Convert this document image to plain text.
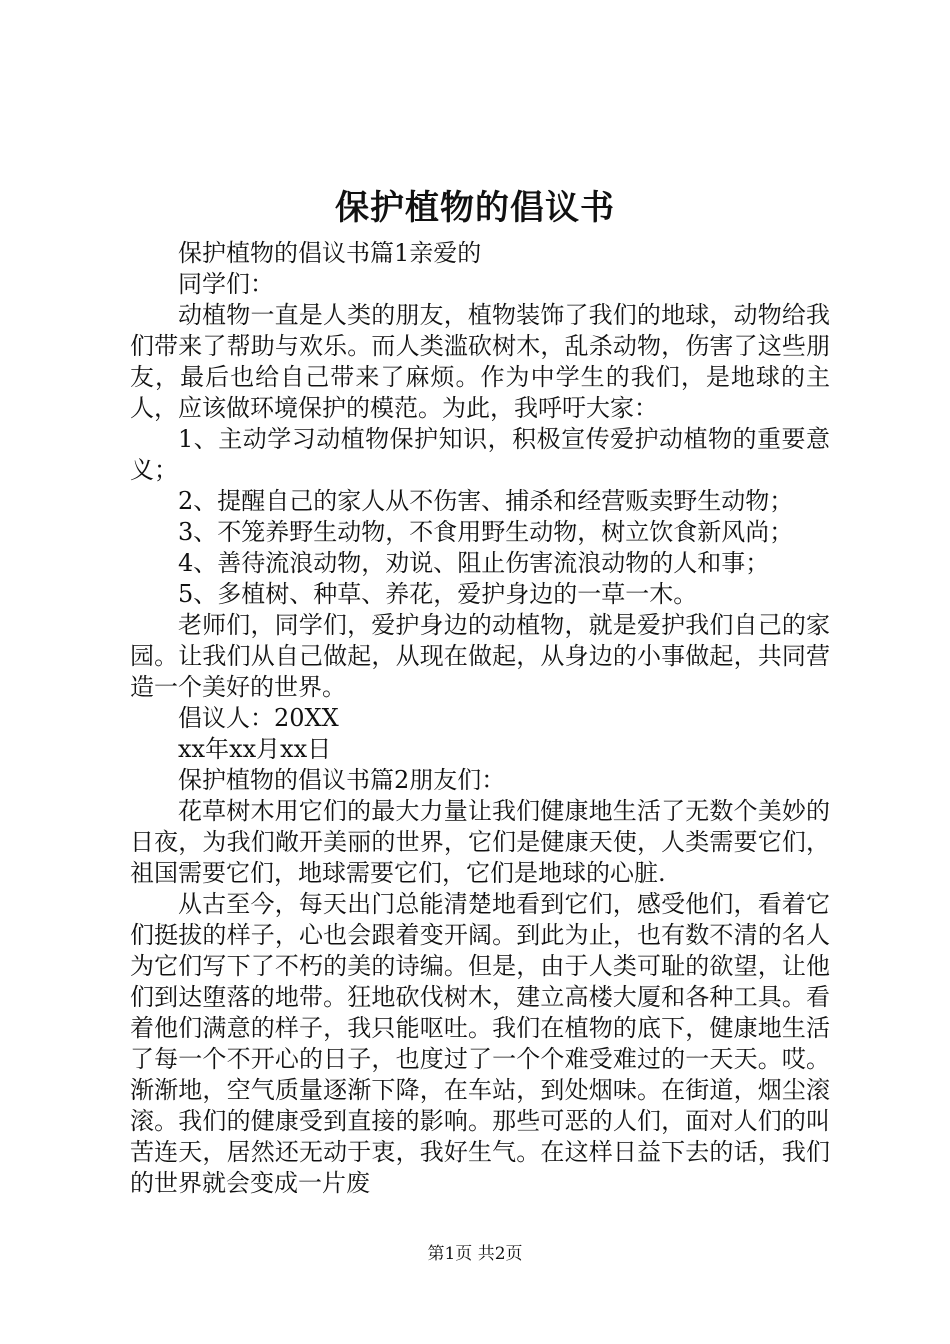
保护植物的倡议书

保护植物的倡议书篇1亲爱的

同学们：

动植物一直是人类的朋友，植物装饰了我们的地球，动物给我们带来了帮助与欢乐。而人类滥砍树木，乱杀动物，伤害了这些朋友，最后也给自己带来了麻烦。作为中学生的我们，是地球的主人，应该做环境保护的模范。为此，我呼吁大家：

1、主动学习动植物保护知识，积极宣传爱护动植物的重要意义；

2、提醒自己的家人从不伤害、捕杀和经营贩卖野生动物；

3、不笼养野生动物，不食用野生动物，树立饮食新风尚；

4、善待流浪动物，劝说、阻止伤害流浪动物的人和事；

5、多植树、种草、养花，爱护身边的一草一木。

老师们，同学们，爱护身边的动植物，就是爱护我们自己的家园。让我们从自己做起，从现在做起，从身边的小事做起，共同营造一个美好的世界。

倡议人：20XX

xx年xx月xx日

保护植物的倡议书篇2朋友们：

花草树木用它们的最大力量让我们健康地生活了无数个美妙的日夜，为我们敞开美丽的世界，它们是健康天使，人类需要它们，祖国需要它们，地球需要它们，它们是地球的心脏.

从古至今，每天出门总能清楚地看到它们，感受他们，看着它们挺拔的样子，心也会跟着变开阔。到此为止，也有数不清的名人为它们写下了不朽的美的诗编。但是，由于人类可耻的欲望，让他们到达堕落的地带。狂地砍伐树木，建立高楼大厦和各种工具。看着他们满意的样子，我只能呕吐。我们在植物的底下，健康地生活了每一个不开心的日子，也度过了一个个难受难过的一天天。哎。渐渐地，空气质量逐渐下降，在车站，到处烟味。在街道，烟尘滚滚。我们的健康受到直接的影响。那些可恶的人们，面对人们的叫苦连天，居然还无动于衷，我好生气。在这样日益下去的话，我们的世界就会变成一片废

第1页 共2页
